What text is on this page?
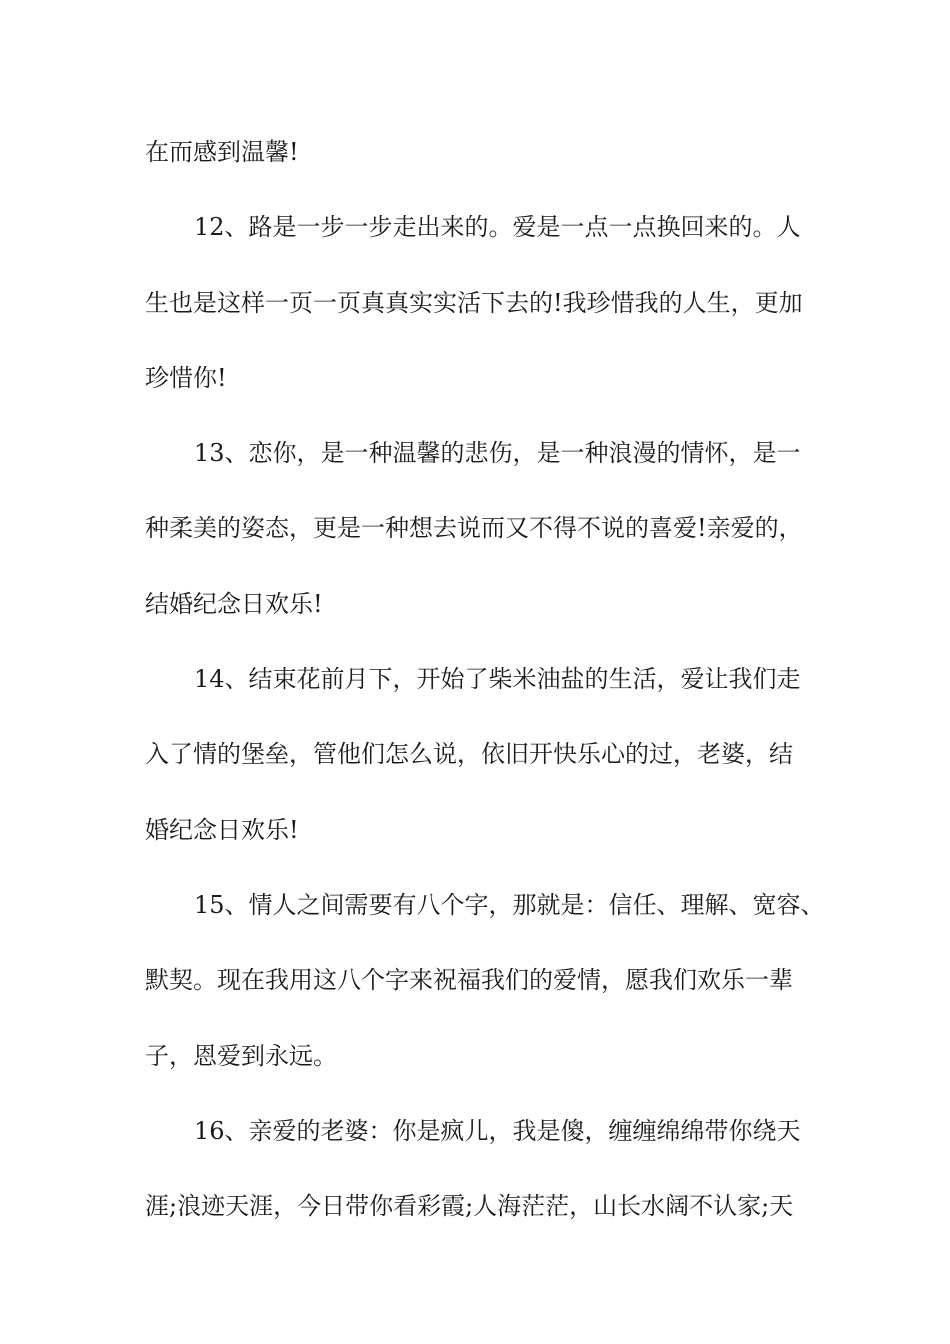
在而感到温馨!
12、路是一步一步走出来的。爱是一点一点换回来的。人
生也是这样一页一页真真实实活下去的!我珍惜我的人生，更加
珍惜你!
13、恋你，是一种温馨的悲伤，是一种浪漫的情怀，是一
种柔美的姿态，更是一种想去说而又不得不说的喜爱!亲爱的，
结婚纪念日欢乐!
14、结束花前月下，开始了柴米油盐的生活，爱让我们走
入了情的堡垒，管他们怎么说，依旧开快乐心的过，老婆，结
婚纪念日欢乐!
15、情人之间需要有八个字，那就是：信任、理解、宽容、
默契。现在我用这八个字来祝福我们的爱情，愿我们欢乐一辈
子，恩爱到永远。
16、亲爱的老婆：你是疯儿，我是傻，缠缠绵绵带你绕天
涯;浪迹天涯，今日带你看彩霞;人海茫茫，山长水阔不认家;天
